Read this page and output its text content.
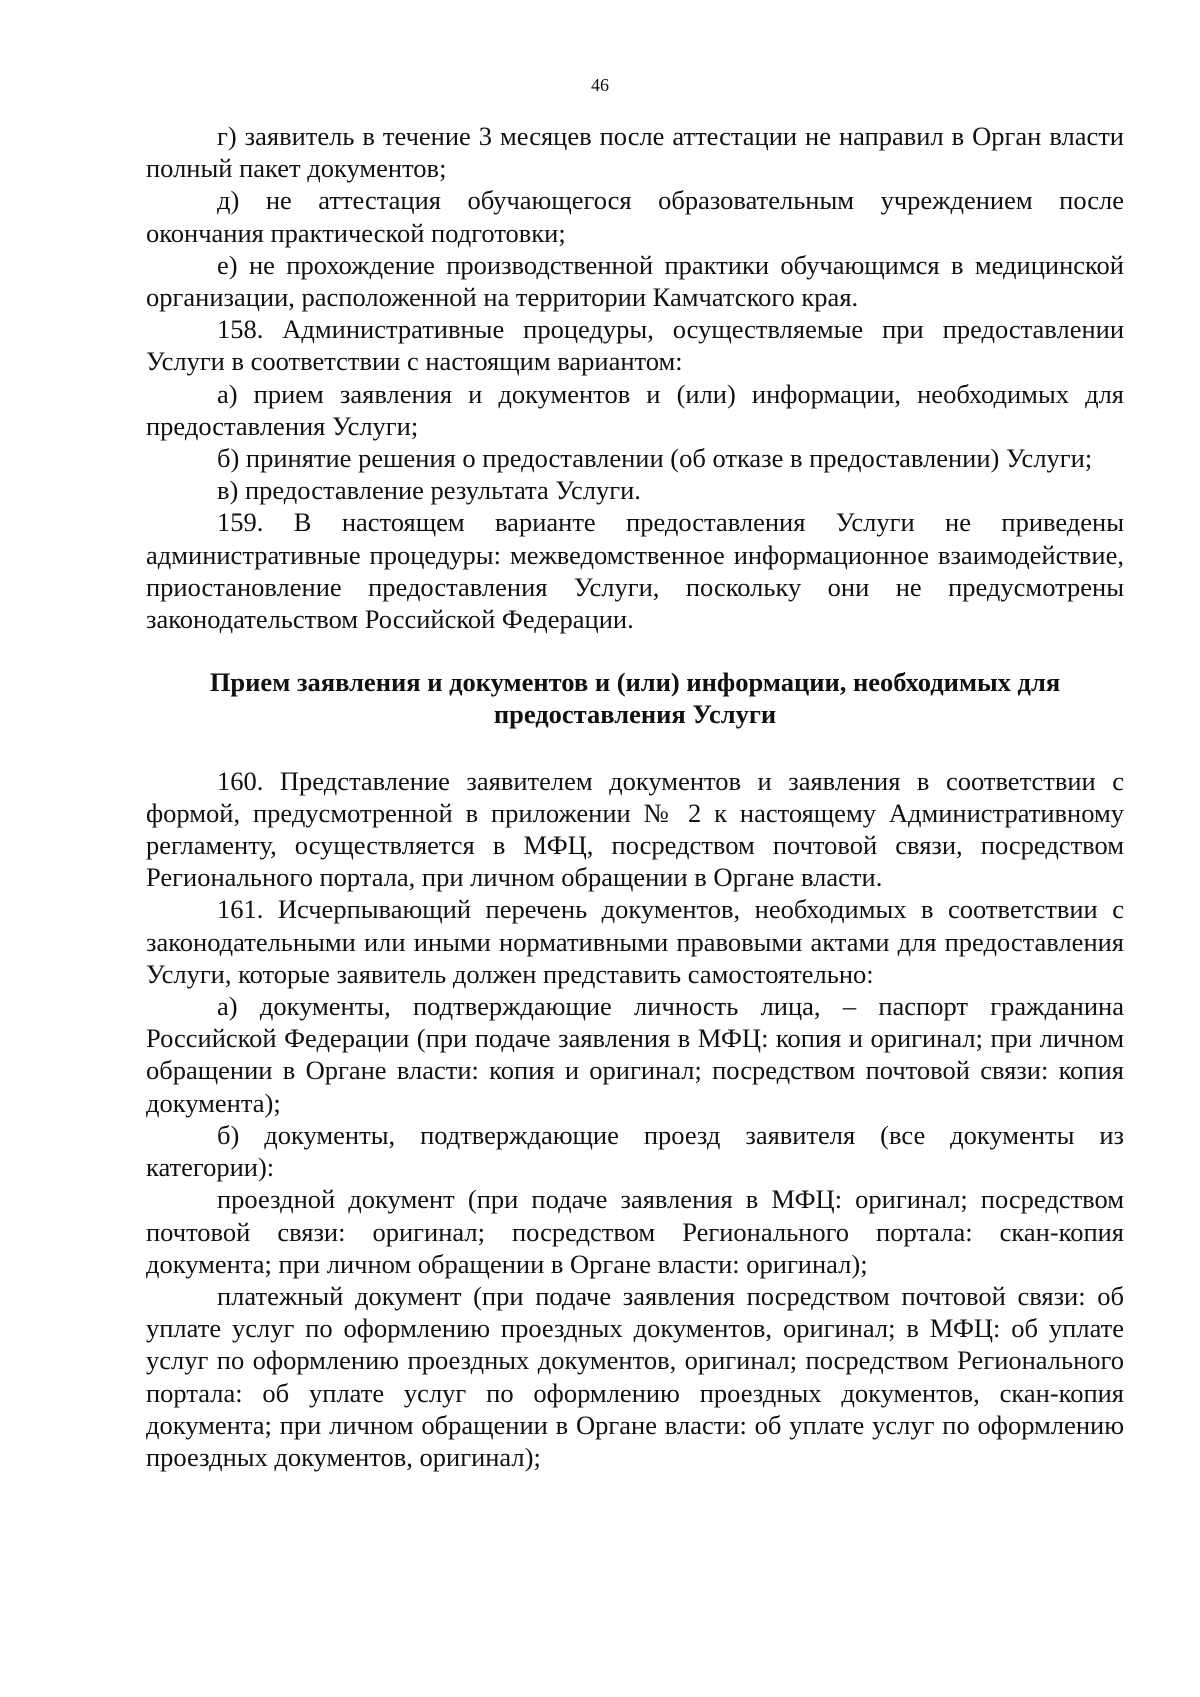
46

г) заявитель в течение 3 месяцев после аттестации не направил в Орган власти полный пакет документов;

д) не аттестация обучающегося образовательным учреждением после окончания практической подготовки;

е) не прохождение производственной практики обучающимся в медицинской организации, расположенной на территории Камчатского края.

158. Административные процедуры, осуществляемые при предоставлении Услуги в соответствии с настоящим вариантом:

а) прием заявления и документов и (или) информации, необходимых для предоставления Услуги;

б) принятие решения о предоставлении (об отказе в предоставлении) Услуги;

в) предоставление результата Услуги.

159. В настоящем варианте предоставления Услуги не приведены административные процедуры: межведомственное информационное взаимодействие, приостановление предоставления Услуги, поскольку они не предусмотрены законодательством Российской Федерации.

Прием заявления и документов и (или) информации, необходимых для предоставления Услуги

160. Представление заявителем документов и заявления в соответствии с формой, предусмотренной в приложении № 2 к настоящему Административному регламенту, осуществляется в МФЦ, посредством почтовой связи, посредством Регионального портала, при личном обращении в Органе власти.

161. Исчерпывающий перечень документов, необходимых в соответствии с законодательными или иными нормативными правовыми актами для предоставления Услуги, которые заявитель должен представить самостоятельно:

а) документы, подтверждающие личность лица, – паспорт гражданина Российской Федерации (при подаче заявления в МФЦ: копия и оригинал; при личном обращении в Органе власти: копия и оригинал; посредством почтовой связи: копия документа);

б) документы, подтверждающие проезд заявителя (все документы из категории):

проездной документ (при подаче заявления в МФЦ: оригинал; посредством почтовой связи: оригинал; посредством Регионального портала: скан-копия документа; при личном обращении в Органе власти: оригинал);

платежный документ (при подаче заявления посредством почтовой связи: об уплате услуг по оформлению проездных документов, оригинал; в МФЦ: об уплате услуг по оформлению проездных документов, оригинал; посредством Регионального портала: об уплате услуг по оформлению проездных документов, скан-копия документа; при личном обращении в Органе власти: об уплате услуг по оформлению проездных документов, оригинал);
